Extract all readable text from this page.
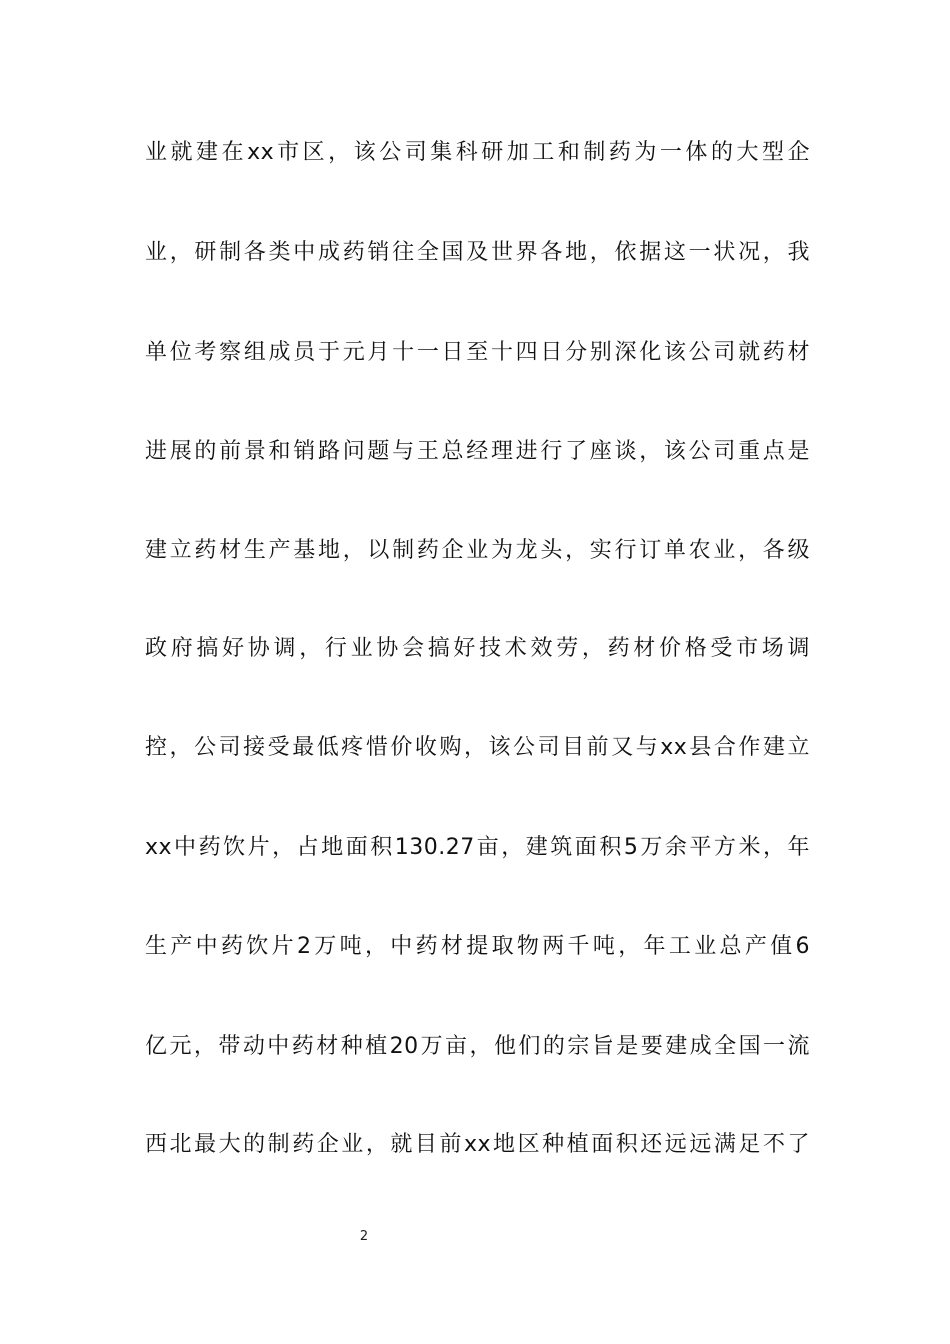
业就建在xx市区，该公司集科研加工和制药为一体的大型企
业，研制各类中成药销往全国及世界各地，依据这一状况，我
单位考察组成员于元月十一日至十四日分别深化该公司就药材
进展的前景和销路问题与王总经理进行了座谈，该公司重点是
建立药材生产基地，以制药企业为龙头，实行订单农业，各级
政府搞好协调，行业协会搞好技术效劳，药材价格受市场调
控，公司接受最低疼惜价收购，该公司目前又与xx县合作建立
xx中药饮片，占地面积130.27亩，建筑面积5万余平方米，年
生产中药饮片2万吨，中药材提取物两千吨，年工业总产值6
亿元，带动中药材种植20万亩，他们的宗旨是要建成全国一流
西北最大的制药企业，就目前xx地区种植面积还远远满足不了
2
